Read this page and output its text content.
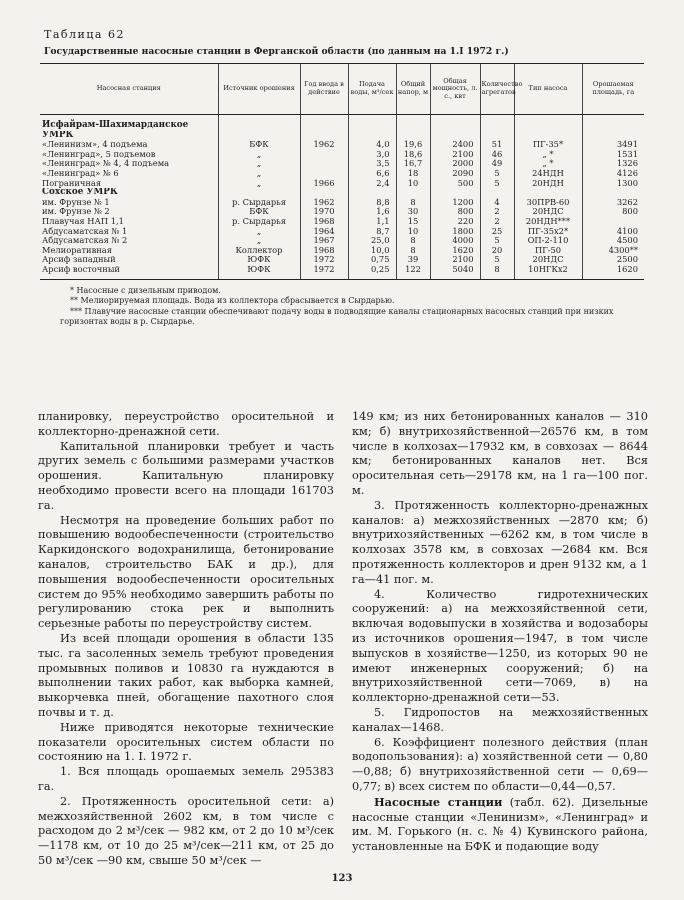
Таблица 62
Государственные насосные станции в Ферганской области (по данным на 1.I 1972 г.)
Насосная станция	Источник орошения	Год ввода в действие	Подача воды, м³/сек	Общий напор, м	Общая мощность, л. с., квт	Количество агрегатов	Тип насоса	Орошаемая площадь, га
Исфайрам-Шахимарданское								
УМРК								
«Ленинизм», 4 подъема	БФК	1962	4,0	19,6	2400	51	ПГ-35*	3491
«Ленинград», 5 подъемов	„		3,0	18,6	2100	46	„ *	1531
«Ленинград» № 4, 4 подъема	„		3,5	16,7	2000	49	„ *	1326
«Ленинград» № 6	„		6,6	18	2090	5	24НДН	4126
Пограничная	„	1966	2,4	10	500	5	20НДН	1300
Сохское УМРК								
им. Фрунзе № 1	р. Сырдарья	1962	8,8	8	1200	4	30ПРВ-60	3262
им. Фрунзе № 2	БФК	1970	1,6	30	800	2	20НДС	800
Плавучая НАП 1,1	р. Сырдарья	1968	1,1	15	220	2	20НДН***	
Абдусаматская № 1	„	1964	8,7	10	1800	25	ПГ-35х2*	4100
Абдусаматская № 2	„	1967	25,0	8	4000	5	ОП-2-110	4500
Мелиоративная	Коллектор	1968	10,0	8	1620	20	ПГ-50	4300**
Арсиф западный	ЮФК	1972	0,75	39	2100	5	20НДС	2500
Арсиф восточный	ЮФК	1972	0,25	122	5040	8	10НГКх2	1620
* Насосные с дизельным приводом.
** Мелиорируемая площадь. Вода из коллектора сбрасывается в Сырдарью.
*** Плавучие насосные станции обеспечивают подачу воды в подводящие каналы стационарных насосных станций при низких горизонтах воды в р. Сырдарье.

планировку, переустройство оросительной и коллекторно-дренажной сети.

Капитальной планировки требует и часть других земель с большими размерами участков орошения. Капитальную планировку необходимо провести всего на площади 161703 га.

Несмотря на проведение больших работ по повышению водообеспеченности (строительство Каркидонского водохранилища, бетонирование каналов, строительство БАК и др.), для повышения водообеспеченности оросительных систем до 95% необходимо завершить работы по регулированию стока рек и выполнить серьезные работы по переустройству систем.

Из всей площади орошения в области 135 тыс. га засоленных земель требуют проведения промывных поливов и 10830 га нуждаются в выполнении таких работ, как выборка камней, выкорчевка пней, обогащение пахотного слоя почвы и т. д.

Ниже приводятся некоторые технические показатели оросительных систем области по состоянию на 1. I. 1972 г.

1. Вся площадь орошаемых земель 295383 га.

2. Протяженность оросительной сети: а) межхозяйственной 2602 км, в том числе с расходом до 2 м³/сек — 982 км, от 2 до 10 м³/сек—1178 км, от 10 до 25 м³/сек—211 км, от 25 до 50 м³/сек —90 км, свыше 50 м³/сек —

149 км; из них бетонированных каналов — 310 км; б) внутрихозяйственной—26576 км, в том числе в колхозах—17932 км, в совхозах — 8644 км; бетонированных каналов нет. Вся оросительная сеть—29178 км, на 1 га—100 пог. м.

3. Протяженность коллекторно-дренажных каналов: а) межхозяйственных —2870 км; б) внутрихозяйственных —6262 км, в том числе в колхозах 3578 км, в совхозах —2684 км. Вся протяженность коллекторов и дрен 9132 км, а 1 га—41 пог. м.

4. Количество гидротехнических сооружений: а) на межхозяйственной сети, включая водовыпуски в хозяйства и водозаборы из источников орошения—1947, в том числе выпусков в хозяйстве—1250, из которых 90 не имеют инженерных сооружений; б) на внутрихозяйственной сети—7069, в) на коллекторно-дренажной сети—53.

5. Гидропостов на межхозяйственных каналах—1468.

6. Коэффициент полезного действия (план водопользования): а) хозяйственной сети — 0,80—0,88; б) внутрихозяйственной сети — 0,69—0,77; в) всех систем по области—0,44—0,57.

Насосные станции (табл. 62). Дизельные насосные станции «Ленинизм», «Ленинград» и им. М. Горького (н. с. № 4) Кувинского района, установленные на БФК и подающие воду

123
